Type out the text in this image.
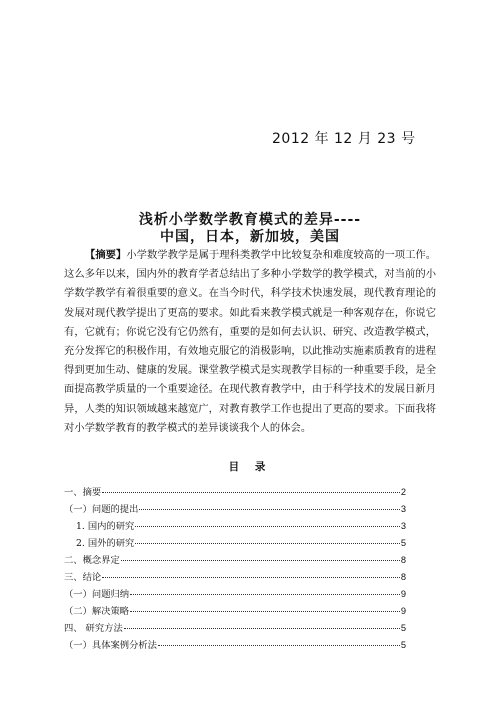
2012 年 12 月 23 号
浅析小学数学教育模式的差异----
中国，日本，新加坡，美国

【摘要】小学数学教学是属于理科类教学中比较复杂和难度较高的一项工作。这么多年以来，国内外的教育学者总结出了多种小学数学的教学模式，对当前的小学数学教学有着很重要的意义。在当今时代，科学技术快速发展，现代教育理论的发展对现代教学提出了更高的要求。如此看来教学模式就是一种客观存在，你说它有，它就有；你说它没有它仍然有，重要的是如何去认识、研究、改造教学模式，充分发挥它的积极作用，有效地克服它的消极影响，以此推动实施素质教育的进程得到更加生动、健康的发展。课堂教学模式是实现教学目标的一种重要手段，是全面提高教学质量的一个重要途径。在现代教育教学中，由于科学技术的发展日新月异，人类的知识领域越来越宽广，对教育教学工作也提出了更高的要求。下面我将对小学数学教育的教学模式的差异谈谈我个人的体会。

目 录
一、摘要	2
（一）问题的提出	3
1. 国内的研究	3
2. 国外的研究	5
二、概念界定	8
三、结论	8
（一）问题归纳	9
（二）解决策略	9
四、 研究方法	5
（一）具体案例分析法	5
